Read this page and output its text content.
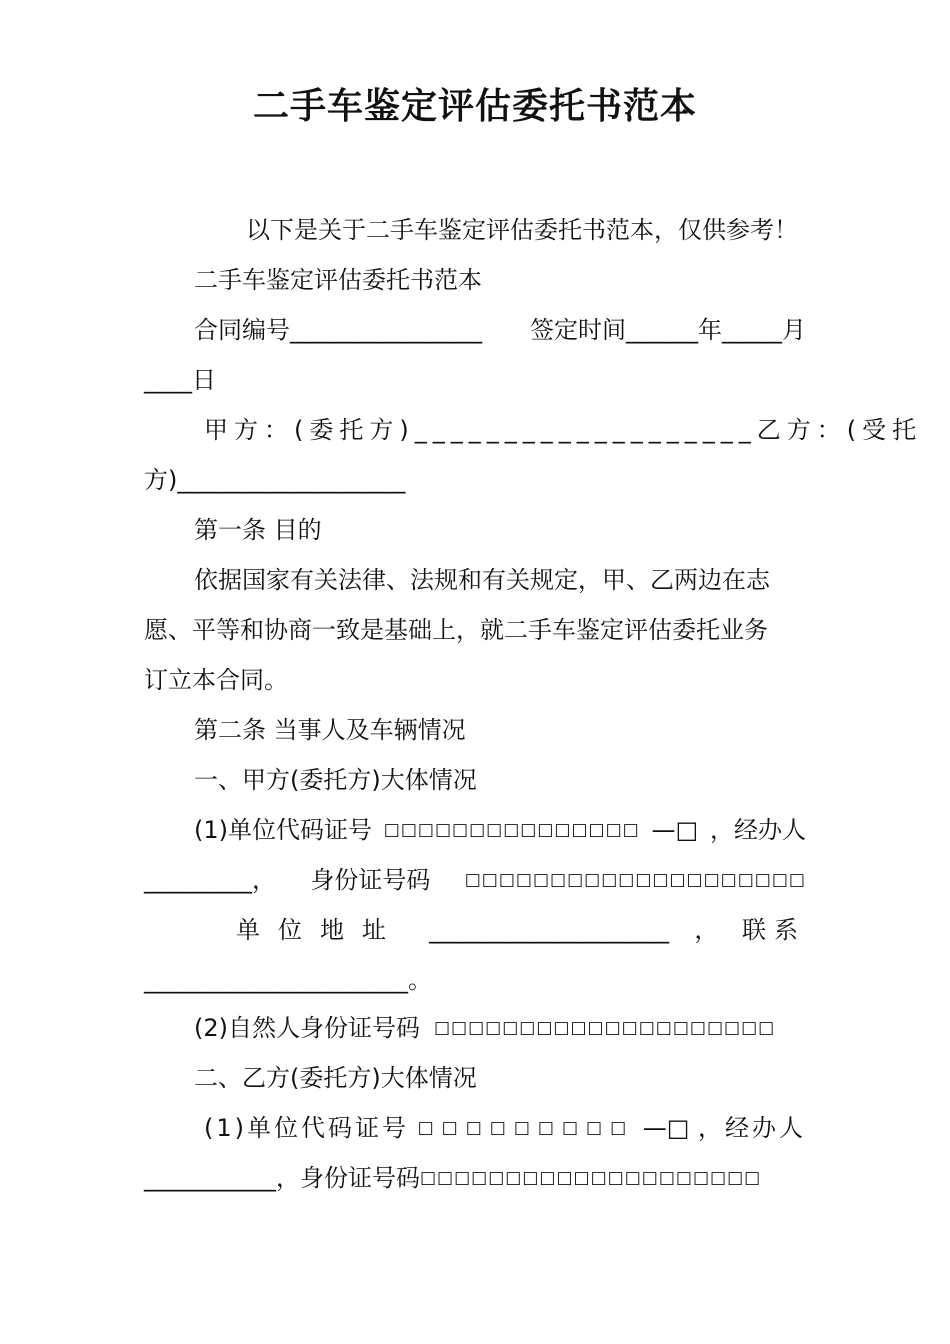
二手车鉴定评估委托书范本
以下是关于二手车鉴定评估委托书范本，仅供参考！
二手车鉴定评估委托书范本
合同编号________________ 签定时间______年_____月
____日
甲方：(委托方)___________________ 乙方：(受托
方)___________________
第一条 目的
依据国家有关法律、法规和有关规定，甲、乙两边在志
愿、平等和协商一致是基础上，就二手车鉴定评估委托业务
订立本合同。
第二条 当事人及车辆情况
一、甲方(委托方)大体情况
(1)单位代码证号 □□□□□□□□□□□□□□□ —□ ，经办人
_________， 身份证号码 □□□□□□□□□□□□□□□□□□□□
单位地址 ____________________ ， 联系
______________________。
(2)自然人身份证号码 □□□□□□□□□□□□□□□□□□□□
二、乙方(委托方)大体情况
(1)单位代码证号 □□□□□□□□□ —□ ，经办人
___________， 身份证号码 □□□□□□□□□□□□□□□□□□□□
